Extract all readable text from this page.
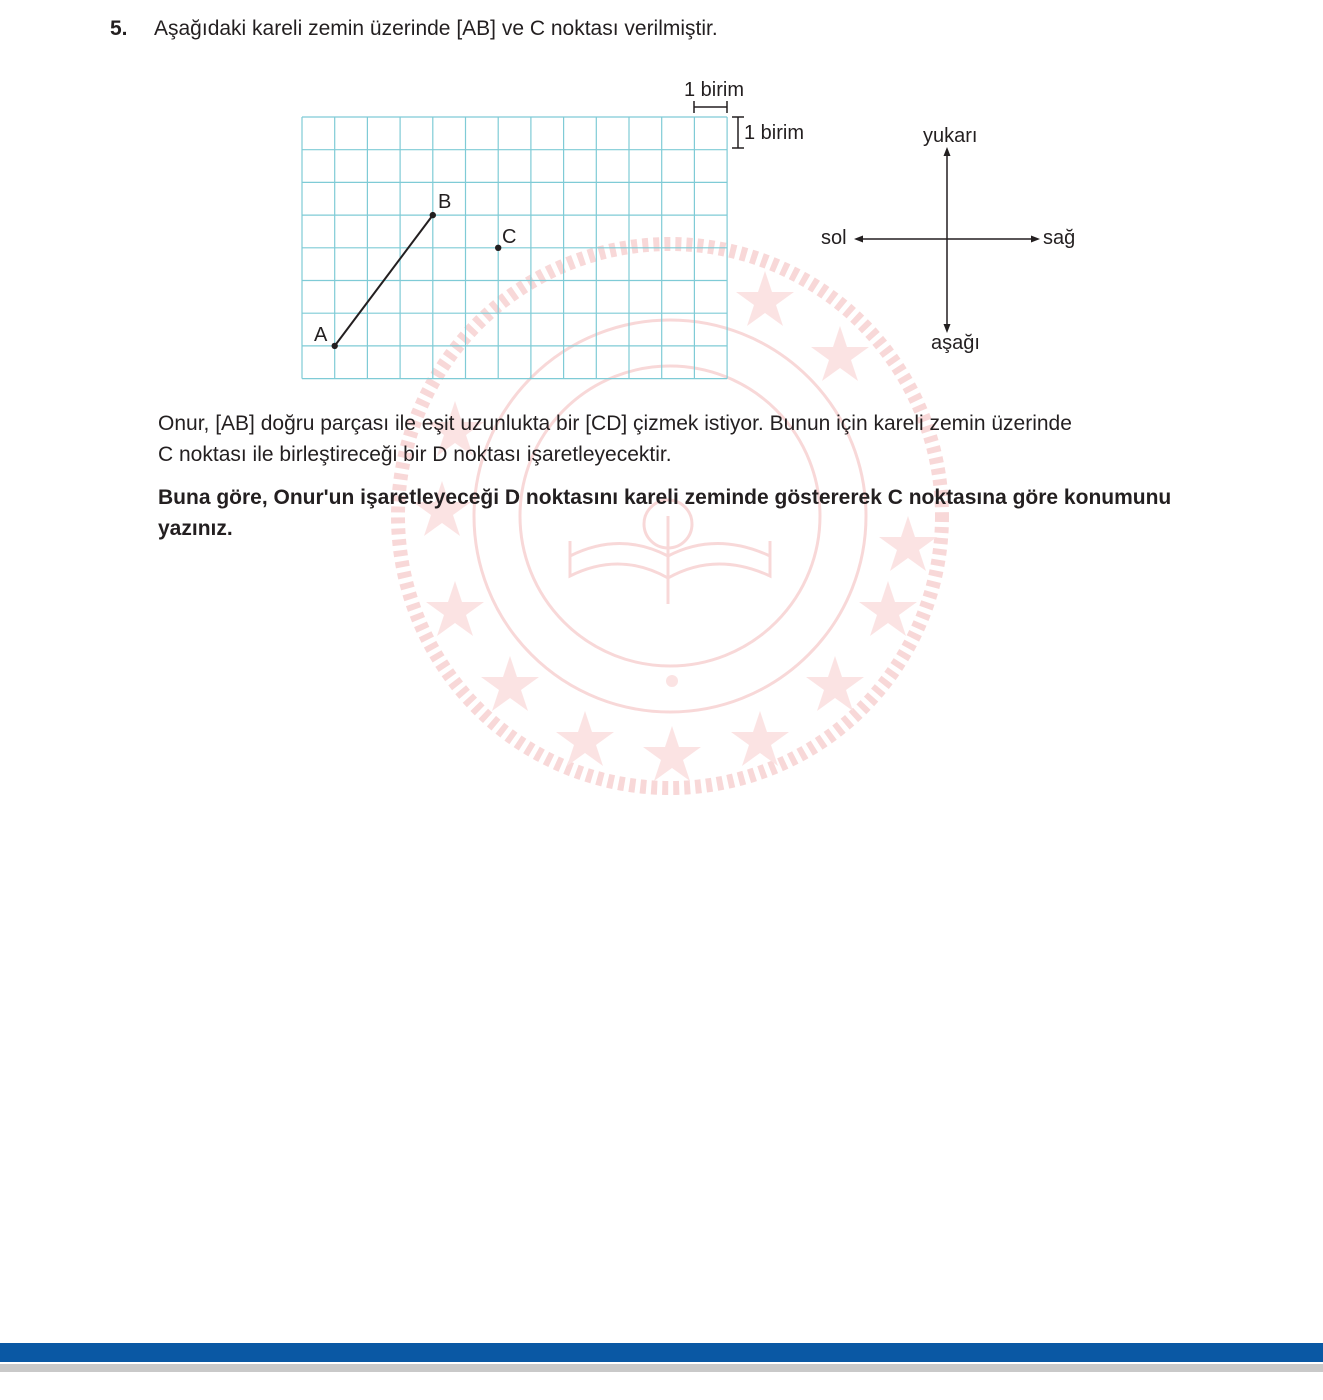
5. Aşağıdaki kareli zemin üzerinde [AB] ve C noktası verilmiştir.
1 birim
1 birim
A
B
C
yukarı
aşağı
sol	sağ

Onur, [AB] doğru parçası ile eşit uzunlukta bir [CD] çizmek istiyor. Bunun için kareli zemin üzerinde

C noktası ile birleştireceği bir D noktası işaretleyecektir.

Buna göre, Onur'un işaretleyeceği D noktasını kareli zeminde göstererek C noktasına göre konumunu

yazınız.
